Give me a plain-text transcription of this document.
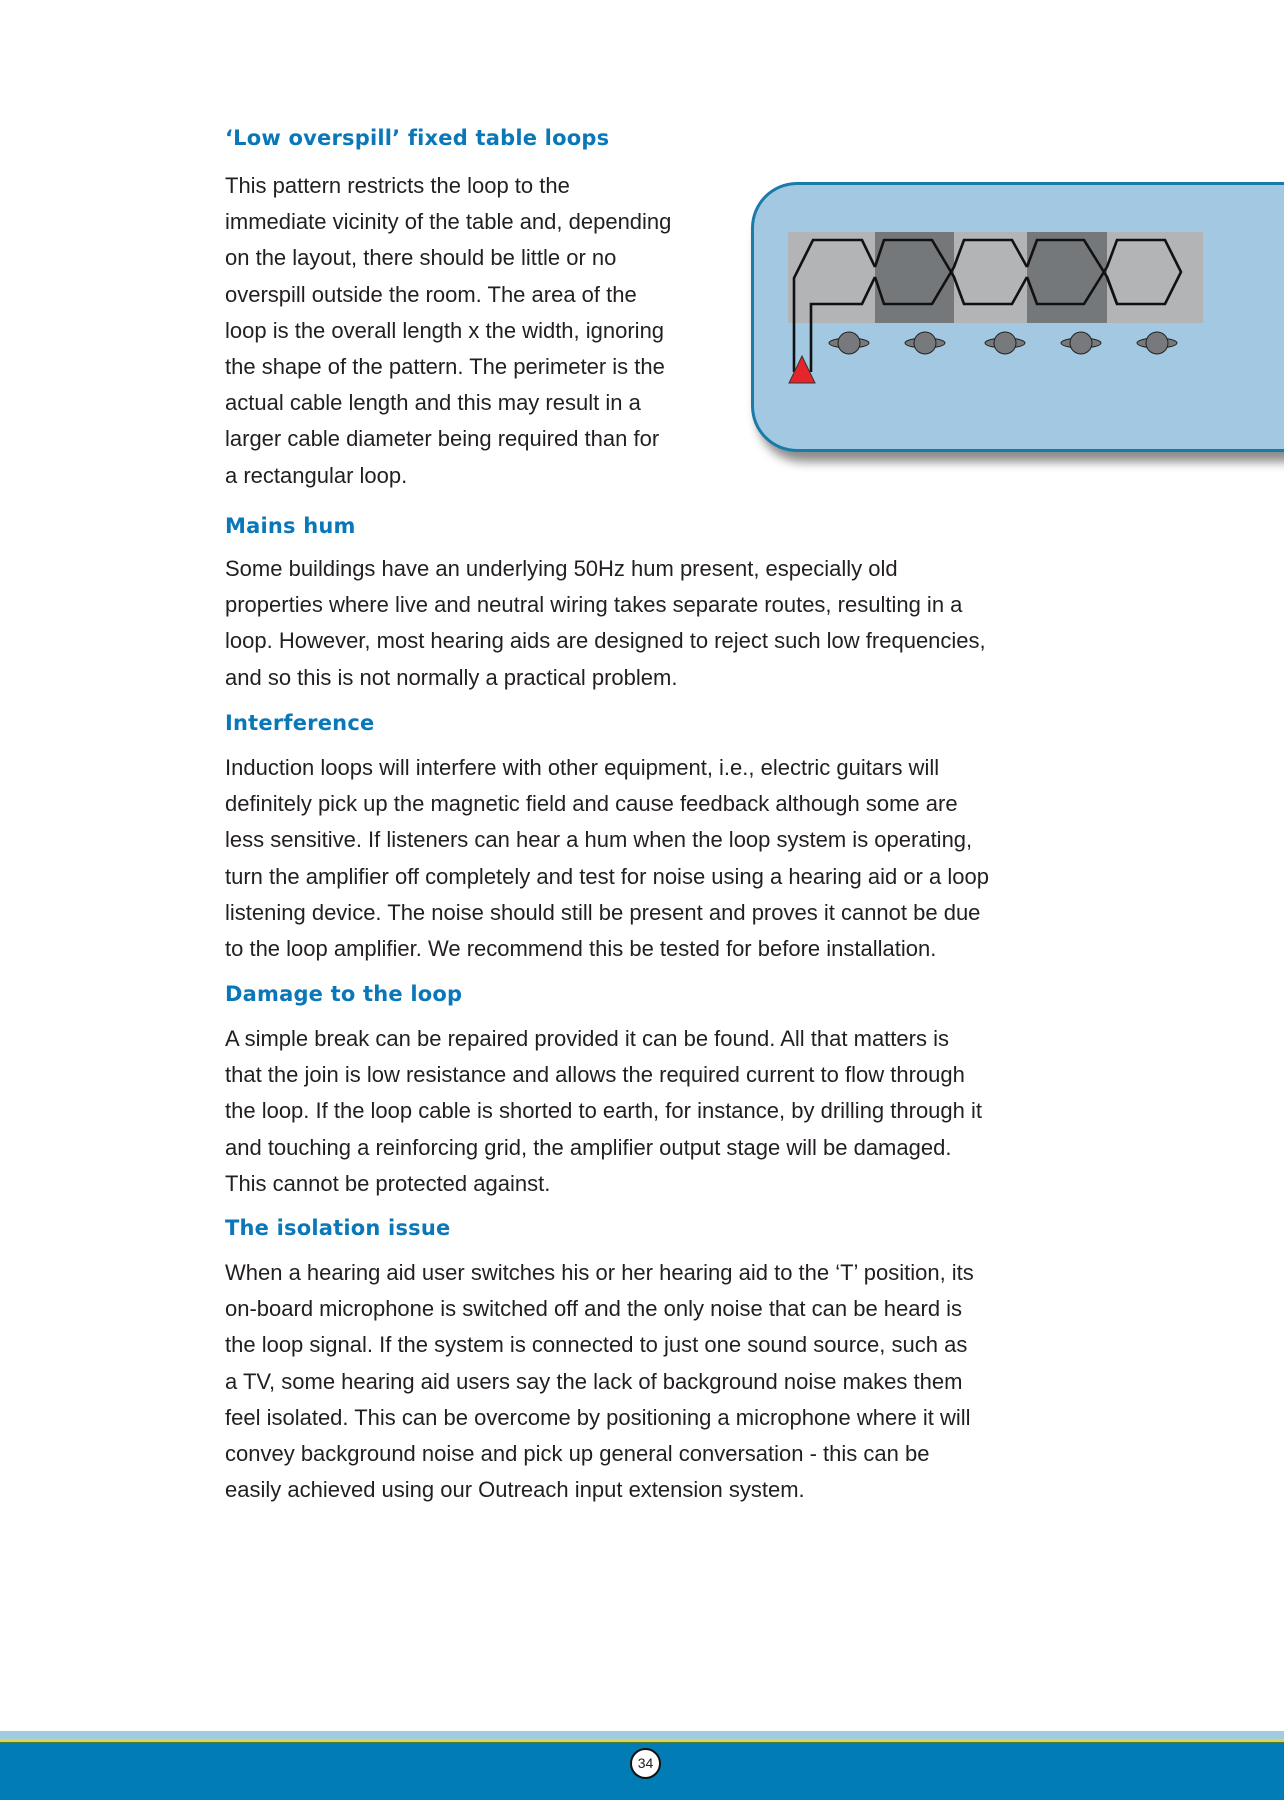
‘Low overspill’ fixed table loops
This pattern restricts the loop to the
immediate vicinity of the table and, depending
on the layout, there should be little or no
overspill outside the room. The area of the
loop is the overall length x the width, ignoring
the shape of the pattern. The perimeter is the
actual cable length and this may result in a
larger cable diameter being required than for
a rectangular loop.
Mains hum
Some buildings have an underlying 50Hz hum present, especially old
properties where live and neutral wiring takes separate routes, resulting in a
loop. However, most hearing aids are designed to reject such low frequencies,
and so this is not normally a practical problem.
Interference
Induction loops will interfere with other equipment, i.e., electric guitars will
definitely pick up the magnetic field and cause feedback although some are
less sensitive. If listeners can hear a hum when the loop system is operating,
turn the amplifier off completely and test for noise using a hearing aid or a loop
listening device. The noise should still be present and proves it cannot be due
to the loop amplifier. We recommend this be tested for before installation.
Damage to the loop
A simple break can be repaired provided it can be found. All that matters is
that the join is low resistance and allows the required current to flow through
the loop. If the loop cable is shorted to earth, for instance, by drilling through it
and touching a reinforcing grid, the amplifier output stage will be damaged.
This cannot be protected against.
The isolation issue
When a hearing aid user switches his or her hearing aid to the ‘T’ position, its
on-board microphone is switched off and the only noise that can be heard is
the loop signal. If the system is connected to just one sound source, such as
a TV, some hearing aid users say the lack of background noise makes them
feel isolated. This can be overcome by positioning a microphone where it will
convey background noise and pick up general conversation - this can be
easily achieved using our Outreach input extension system.
34
